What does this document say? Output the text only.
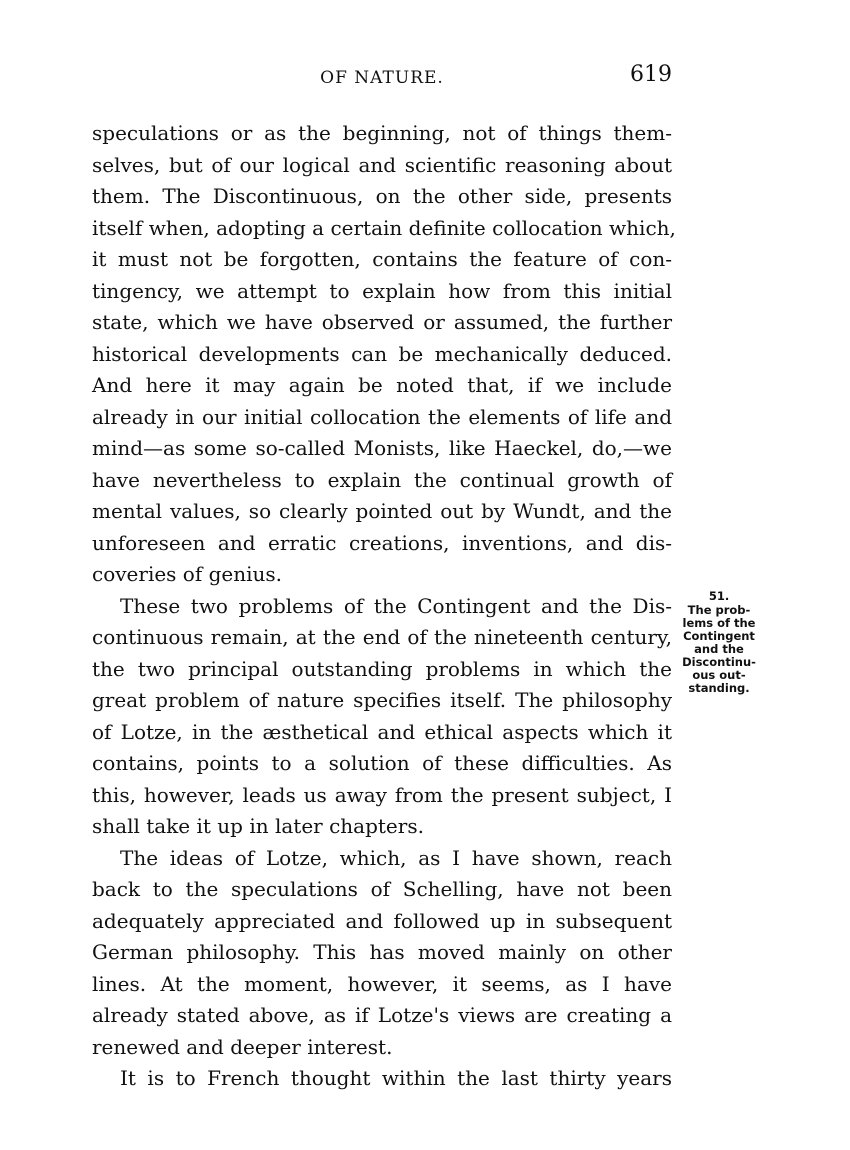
OF NATURE.	619
speculations or as the beginning, not of things them-
selves, but of our logical and scientific reasoning about
them. The Discontinuous, on the other side, presents
itself when, adopting a certain definite collocation which,
it must not be forgotten, contains the feature of con-
tingency, we attempt to explain how from this initial
state, which we have observed or assumed, the further
historical developments can be mechanically deduced.
And here it may again be noted that, if we include
already in our initial collocation the elements of life and
mind—as some so-called Monists, like Haeckel, do,—we
have nevertheless to explain the continual growth of
mental values, so clearly pointed out by Wundt, and the
unforeseen and erratic creations, inventions, and dis-
coveries of genius.
These two problems of the Contingent and the Dis-
continuous remain, at the end of the nineteenth century,
the two principal outstanding problems in which the
great problem of nature specifies itself. The philosophy
of Lotze, in the æsthetical and ethical aspects which it
contains, points to a solution of these difficulties. As
this, however, leads us away from the present subject, I
shall take it up in later chapters.
The ideas of Lotze, which, as I have shown, reach
back to the speculations of Schelling, have not been
adequately appreciated and followed up in subsequent
German philosophy. This has moved mainly on other
lines. At the moment, however, it seems, as I have
already stated above, as if Lotze's views are creating a
renewed and deeper interest.
It is to French thought within the last thirty years
51.
The prob-
lems of the
Contingent
and the
Discontinu-
ous out-
standing.
